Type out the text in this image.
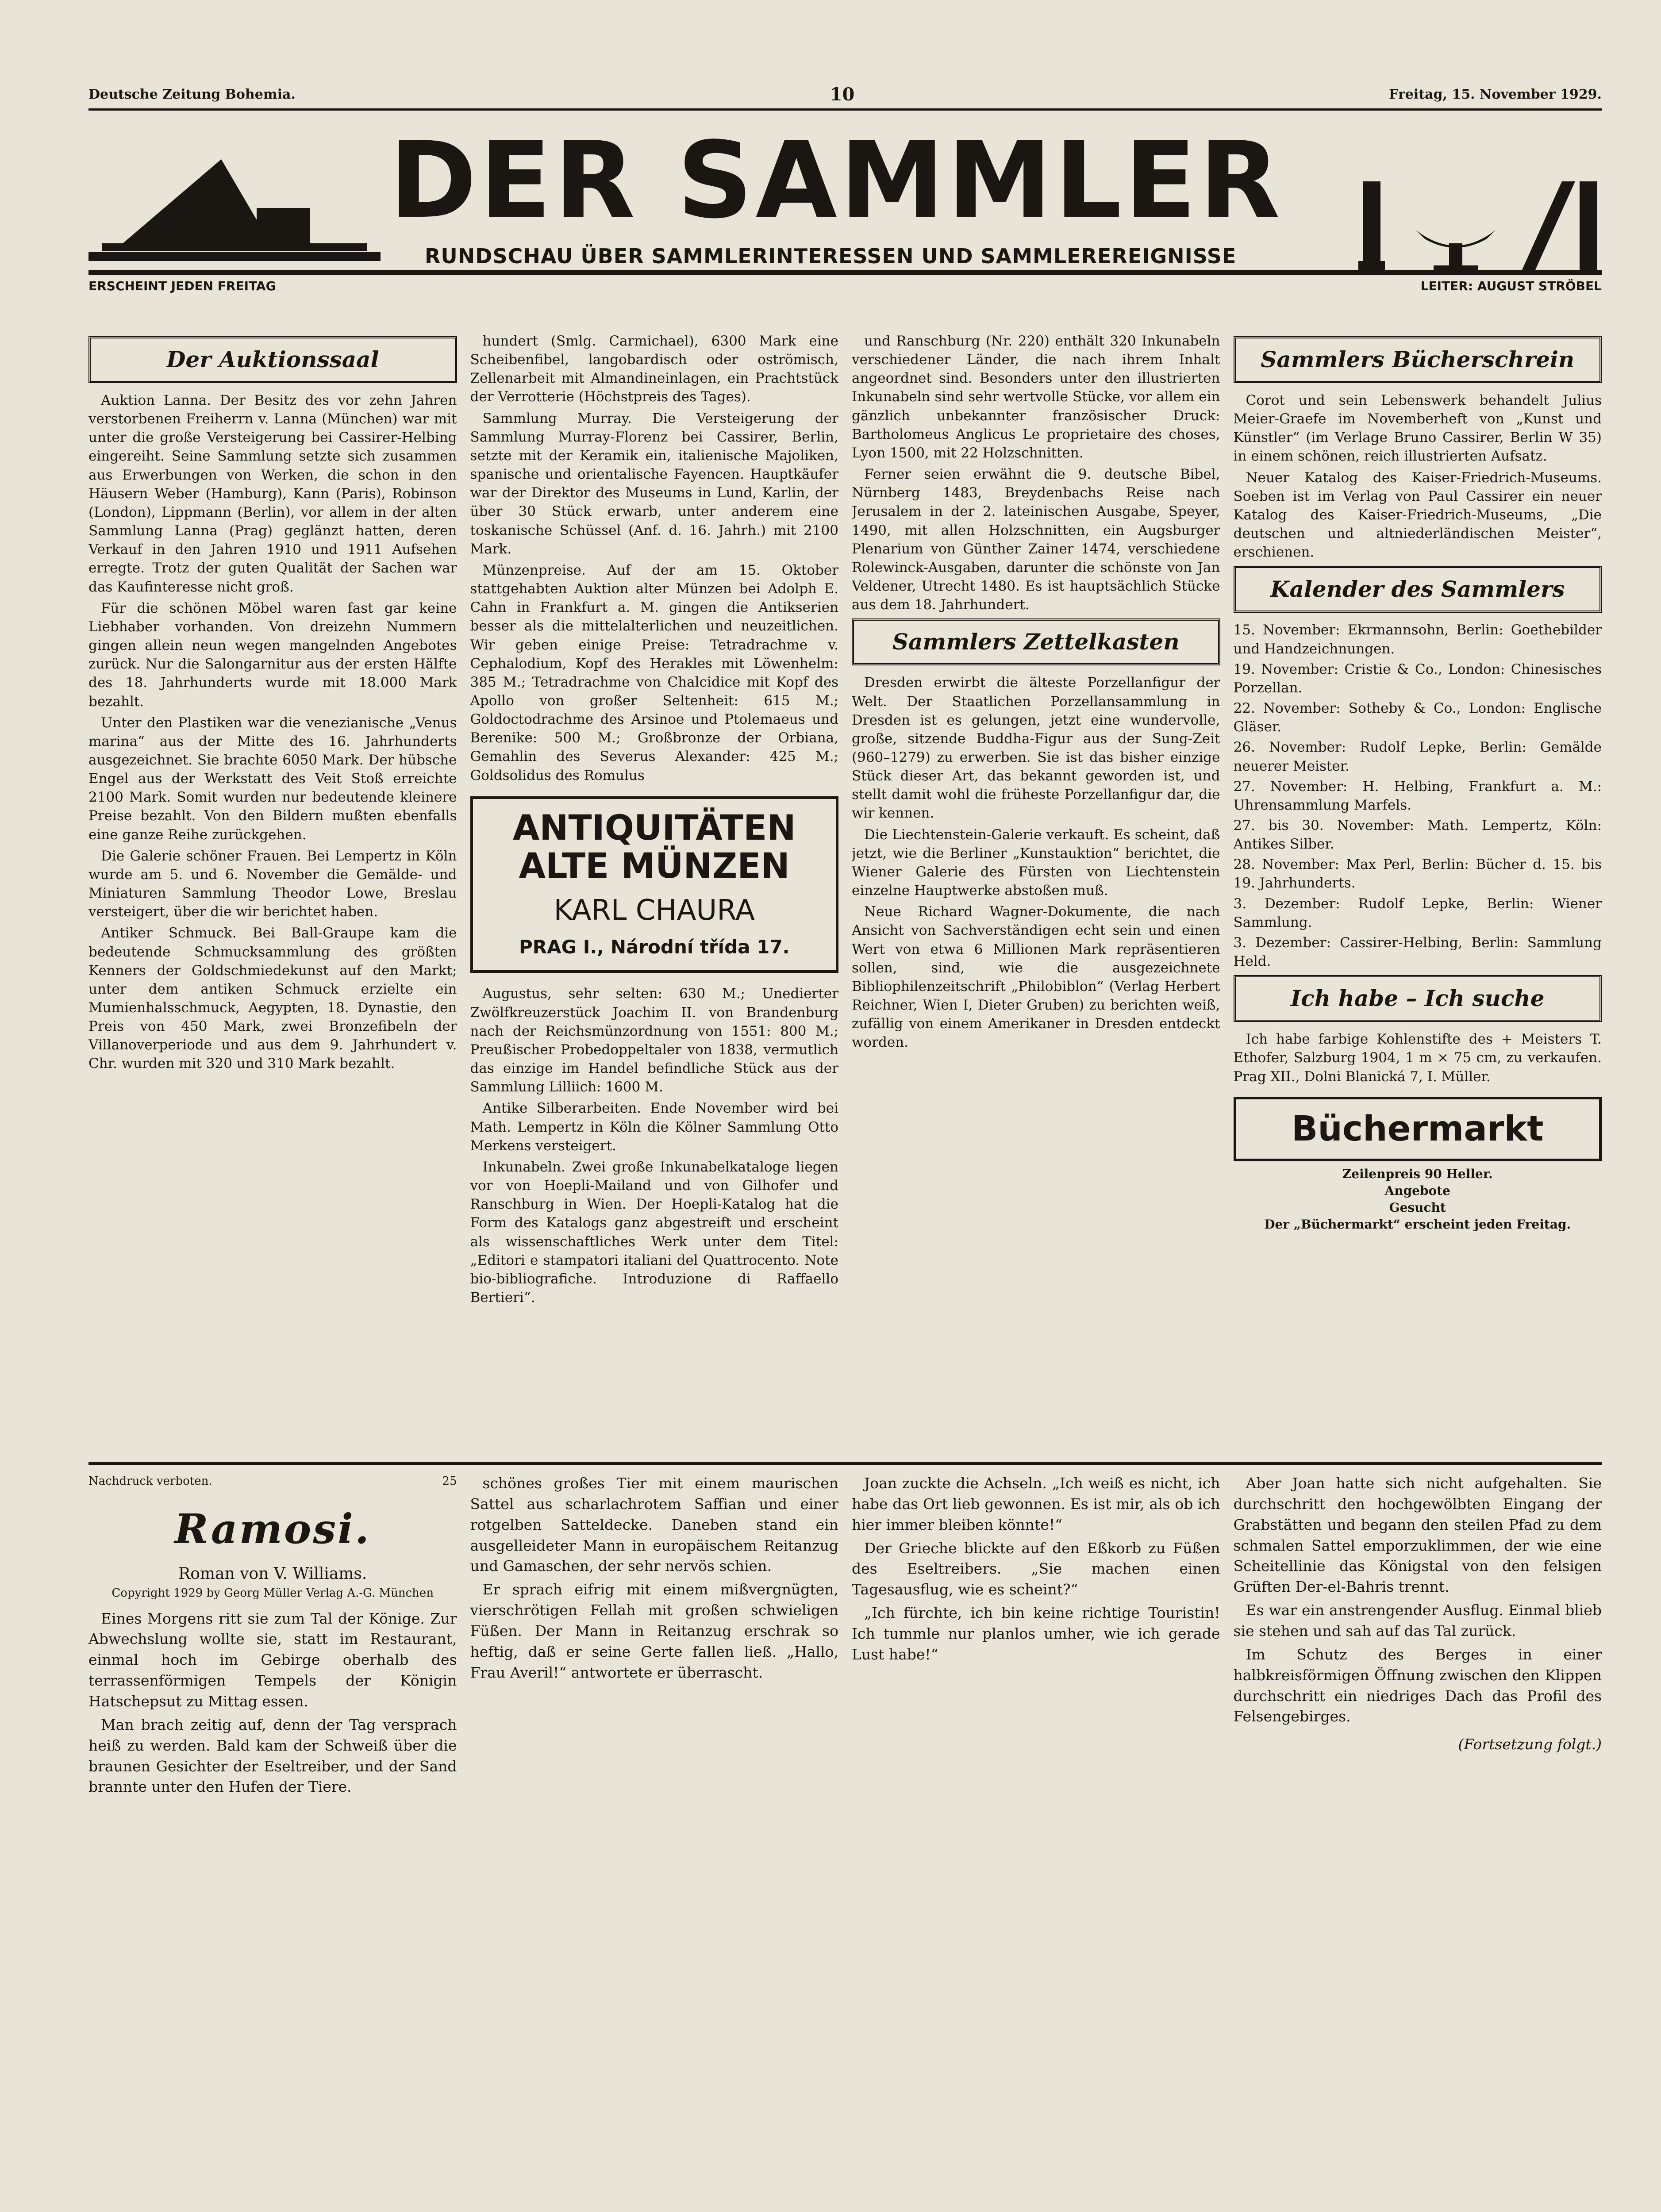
Deutsche Zeitung Bohemia.	10	Freitag, 15. November 1929.
DER SAMMLER
RUNDSCHAU ÜBER SAMMLERINTERESSEN UND SAMMLEREREIGNISSE
ERSCHEINT JEDEN FREITAG	LEITER: AUGUST STRÖBEL
Der Auktionssaal

Auktion Lanna. Der Besitz des vor zehn Jahren verstorbenen Freiherrn v. Lanna (München) war mit unter die große Versteigerung bei Cassirer-Helbing eingereiht. Seine Sammlung setzte sich zusammen aus Erwerbungen von Werken, die schon in den Häusern Weber (Hamburg), Kann (Paris), Robinson (London), Lippmann (Berlin), vor allem in der alten Sammlung Lanna (Prag) geglänzt hatten, deren Verkauf in den Jahren 1910 und 1911 Aufsehen erregte. Trotz der guten Qualität der Sachen war das Kaufinteresse nicht groß.

Für die schönen Möbel waren fast gar keine Liebhaber vorhanden. Von dreizehn Nummern gingen allein neun wegen mangelnden Angebotes zurück. Nur die Salongarnitur aus der ersten Hälfte des 18. Jahrhunderts wurde mit 18.000 Mark bezahlt.

Unter den Plastiken war die venezianische „Venus marina“ aus der Mitte des 16. Jahrhunderts ausgezeichnet. Sie brachte 6050 Mark. Der hübsche Engel aus der Werkstatt des Veit Stoß erreichte 2100 Mark. Somit wurden nur bedeutende kleinere Preise bezahlt. Von den Bildern mußten ebenfalls eine ganze Reihe zurückgehen.

Die Galerie schöner Frauen. Bei Lempertz in Köln wurde am 5. und 6. November die Gemälde- und Miniaturen Sammlung Theodor Lowe, Breslau versteigert, über die wir berichtet haben.

Antiker Schmuck. Bei Ball-Graupe kam die bedeutende Schmucksammlung des größten Kenners der Goldschmiedekunst auf den Markt; unter dem antiken Schmuck erzielte ein Mumienhalsschmuck, Aegypten, 18. Dynastie, den Preis von 450 Mark, zwei Bronzefibeln der Villanoverperiode und aus dem 9. Jahrhundert v. Chr. wurden mit 320 und 310 Mark bezahlt.

hundert (Smlg. Carmichael), 6300 Mark eine Scheibenfibel, langobardisch oder oströmisch, Zellenarbeit mit Almandineinlagen, ein Prachtstück der Verrotterie (Höchstpreis des Tages).

Sammlung Murray. Die Versteigerung der Sammlung Murray-Florenz bei Cassirer, Berlin, setzte mit der Keramik ein, italienische Majoliken, spanische und orientalische Fayencen. Hauptkäufer war der Direktor des Museums in Lund, Karlin, der über 30 Stück erwarb, unter anderem eine toskanische Schüssel (Anf. d. 16. Jahrh.) mit 2100 Mark.

Münzenpreise. Auf der am 15. Oktober stattgehabten Auktion alter Münzen bei Adolph E. Cahn in Frankfurt a. M. gingen die Antikserien besser als die mittelalterlichen und neuzeitlichen. Wir geben einige Preise: Tetradrachme v. Cephalodium, Kopf des Herakles mit Löwenhelm: 385 M.; Tetradrachme von Chalcidice mit Kopf des Apollo von großer Seltenheit: 615 M.; Goldoctodrachme des Arsinoe und Ptolemaeus und Berenike: 500 M.; Großbronze der Orbiana, Gemahlin des Severus Alexander: 425 M.; Goldsolidus des Romulus

ANTIQUITÄTEN
ALTE MÜNZEN
KARL CHAURA
PRAG I., Národní třída 17.

Augustus, sehr selten: 630 M.; Unedierter Zwölfkreuzerstück Joachim II. von Brandenburg nach der Reichsmünzordnung von 1551: 800 M.; Preußischer Probedoppeltaler von 1838, vermutlich das einzige im Handel befindliche Stück aus der Sammlung Lilliich: 1600 M.

Antike Silberarbeiten. Ende November wird bei Math. Lempertz in Köln die Kölner Sammlung Otto Merkens versteigert.

Inkunabeln. Zwei große Inkunabelkataloge liegen vor von Hoepli-Mailand und von Gilhofer und Ranschburg in Wien. Der Hoepli-Katalog hat die Form des Katalogs ganz abgestreift und erscheint als wissenschaftliches Werk unter dem Titel: „Editori e stampatori italiani del Quattrocento. Note bio-bibliografiche. Introduzione di Raffaello Bertieri“.

und Ranschburg (Nr. 220) enthält 320 Inkunabeln verschiedener Länder, die nach ihrem Inhalt angeordnet sind. Besonders unter den illustrierten Inkunabeln sind sehr wertvolle Stücke, vor allem ein gänzlich unbekannter französischer Druck: Bartholomeus Anglicus Le proprietaire des choses, Lyon 1500, mit 22 Holzschnitten.

Ferner seien erwähnt die 9. deutsche Bibel, Nürnberg 1483, Breydenbachs Reise nach Jerusalem in der 2. lateinischen Ausgabe, Speyer, 1490, mit allen Holzschnitten, ein Augsburger Plenarium von Günther Zainer 1474, verschiedene Rolewinck-Ausgaben, darunter die schönste von Jan Veldener, Utrecht 1480. Es ist hauptsächlich Stücke aus dem 18. Jahrhundert.

Sammlers Zettelkasten

Dresden erwirbt die älteste Porzellanfigur der Welt. Der Staatlichen Porzellansammlung in Dresden ist es gelungen, jetzt eine wundervolle, große, sitzende Buddha-Figur aus der Sung-Zeit (960–1279) zu erwerben. Sie ist das bisher einzige Stück dieser Art, das bekannt geworden ist, und stellt damit wohl die früheste Porzellanfigur dar, die wir kennen.

Die Liechtenstein-Galerie verkauft. Es scheint, daß jetzt, wie die Berliner „Kunstauktion“ berichtet, die Wiener Galerie des Fürsten von Liechtenstein einzelne Hauptwerke abstoßen muß.

Neue Richard Wagner-Dokumente, die nach Ansicht von Sachverständigen echt sein und einen Wert von etwa 6 Millionen Mark repräsentieren sollen, sind, wie die ausgezeichnete Bibliophilenzeitschrift „Philobiblon“ (Verlag Herbert Reichner, Wien I, Dieter Gruben) zu berichten weiß, zufällig von einem Amerikaner in Dresden entdeckt worden.

Sammlers Bücherschrein

Corot und sein Lebenswerk behandelt Julius Meier-Graefe im Novemberheft von „Kunst und Künstler“ (im Verlage Bruno Cassirer, Berlin W 35) in einem schönen, reich illustrierten Aufsatz.

Neuer Katalog des Kaiser-Friedrich-Museums. Soeben ist im Verlag von Paul Cassirer ein neuer Katalog des Kaiser-Friedrich-Museums, „Die deutschen und altniederländischen Meister“, erschienen.

Kalender des Sammlers
15. November: Ekrmannsohn, Berlin: Goethebilder und Handzeichnungen.
19. November: Cristie & Co., London: Chinesisches Porzellan.
22. November: Sotheby & Co., London: Englische Gläser.
26. November: Rudolf Lepke, Berlin: Gemälde neuerer Meister.
27. November: H. Helbing, Frankfurt a. M.: Uhrensammlung Marfels.
27. bis 30. November: Math. Lempertz, Köln: Antikes Silber.
28. November: Max Perl, Berlin: Bücher d. 15. bis 19. Jahrhunderts.
3. Dezember: Rudolf Lepke, Berlin: Wiener Sammlung.
3. Dezember: Cassirer-Helbing, Berlin: Sammlung Held.
Ich habe – Ich suche

Ich habe farbige Kohlenstifte des + Meisters T. Ethofer, Salzburg 1904, 1 m × 75 cm, zu verkaufen. Prag XII., Dolni Blanická 7, I. Müller.

Büchermarkt
Zeilenpreis 90 Heller.
Angebote
Gesucht
Der „Büchermarkt“ erscheint jeden Freitag.
Nachdruck verboten.	25
Ramosi.
Roman von V. Williams.
Copyright 1929 by Georg Müller Verlag A.-G. München

Eines Morgens ritt sie zum Tal der Könige. Zur Abwechslung wollte sie, statt im Restaurant, einmal hoch im Gebirge oberhalb des terrassenförmigen Tempels der Königin Hatschepsut zu Mittag essen.

Man brach zeitig auf, denn der Tag versprach heiß zu werden. Bald kam der Schweiß über die braunen Gesichter der Eseltreiber, und der Sand brannte unter den Hufen der Tiere.

schönes großes Tier mit einem maurischen Sattel aus scharlachrotem Saffian und einer rotgelben Satteldecke. Daneben stand ein ausgelleideter Mann in europäischem Reitanzug und Gamaschen, der sehr nervös schien.

Er sprach eifrig mit einem mißvergnügten, vierschrötigen Fellah mit großen schwieligen Füßen. Der Mann in Reitanzug erschrak so heftig, daß er seine Gerte fallen ließ. „Hallo, Frau Averil!“ antwortete er überrascht.

Joan zuckte die Achseln. „Ich weiß es nicht, ich habe das Ort lieb gewonnen. Es ist mir, als ob ich hier immer bleiben könnte!“

Der Grieche blickte auf den Eßkorb zu Füßen des Eseltreibers. „Sie machen einen Tagesausflug, wie es scheint?“

„Ich fürchte, ich bin keine richtige Touristin! Ich tummle nur planlos umher, wie ich gerade Lust habe!“

Aber Joan hatte sich nicht aufgehalten. Sie durchschritt den hochgewölbten Eingang der Grabstätten und begann den steilen Pfad zu dem schmalen Sattel emporzuklimmen, der wie eine Scheitellinie das Königstal von den felsigen Grüften Der-el-Bahris trennt.

Es war ein anstrengender Ausflug. Einmal blieb sie stehen und sah auf das Tal zurück.

Im Schutz des Berges in einer halbkreisförmigen Öffnung zwischen den Klippen durchschritt ein niedriges Dach das Profil des Felsengebirges.

(Fortsetzung folgt.)
